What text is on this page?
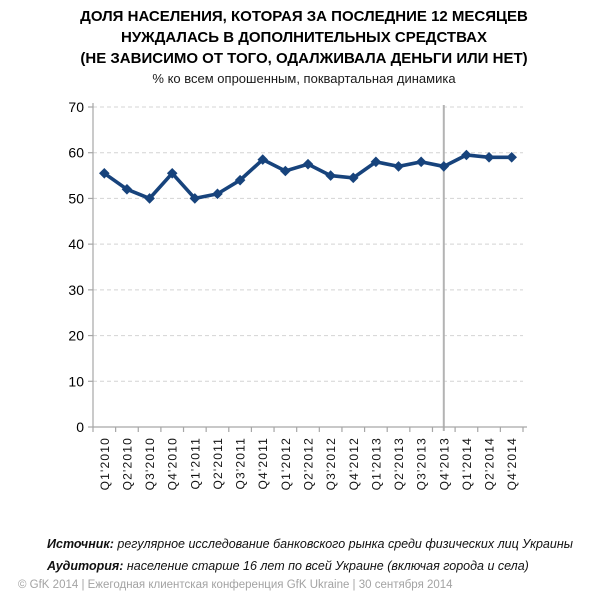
ДОЛЯ НАСЕЛЕНИЯ, КОТОРАЯ ЗА ПОСЛЕДНИЕ 12 МЕСЯЦЕВ
НУЖДАЛАСЬ В ДОПОЛНИТЕЛЬНЫХ СРЕДСТВАХ
(НЕ ЗАВИСИМО ОТ ТОГО, ОДАЛЖИВАЛА ДЕНЬГИ ИЛИ НЕТ)
% ко всем опрошенным, поквартальная динамика
0
10
20
30
40
50
60
70
Q1'2010 Q2'2010 Q3'2010 Q4'2010 Q1'2011 Q2'2011 Q3'2011 Q4'2011 Q1'2012 Q2'2012 Q3'2012 Q4'2012 Q1'2013 Q2'2013 Q3'2013 Q4'2013 Q1'2014 Q2'2014 Q4'2014
Источник: регулярное исследование банковского рынка среди физических лиц Украины
Аудитория: население старше 16 лет по всей Украине (включая города и села)
© GfK 2014 | Ежегодная клиентская конференция GfK Ukraine | 30 сентября 2014
